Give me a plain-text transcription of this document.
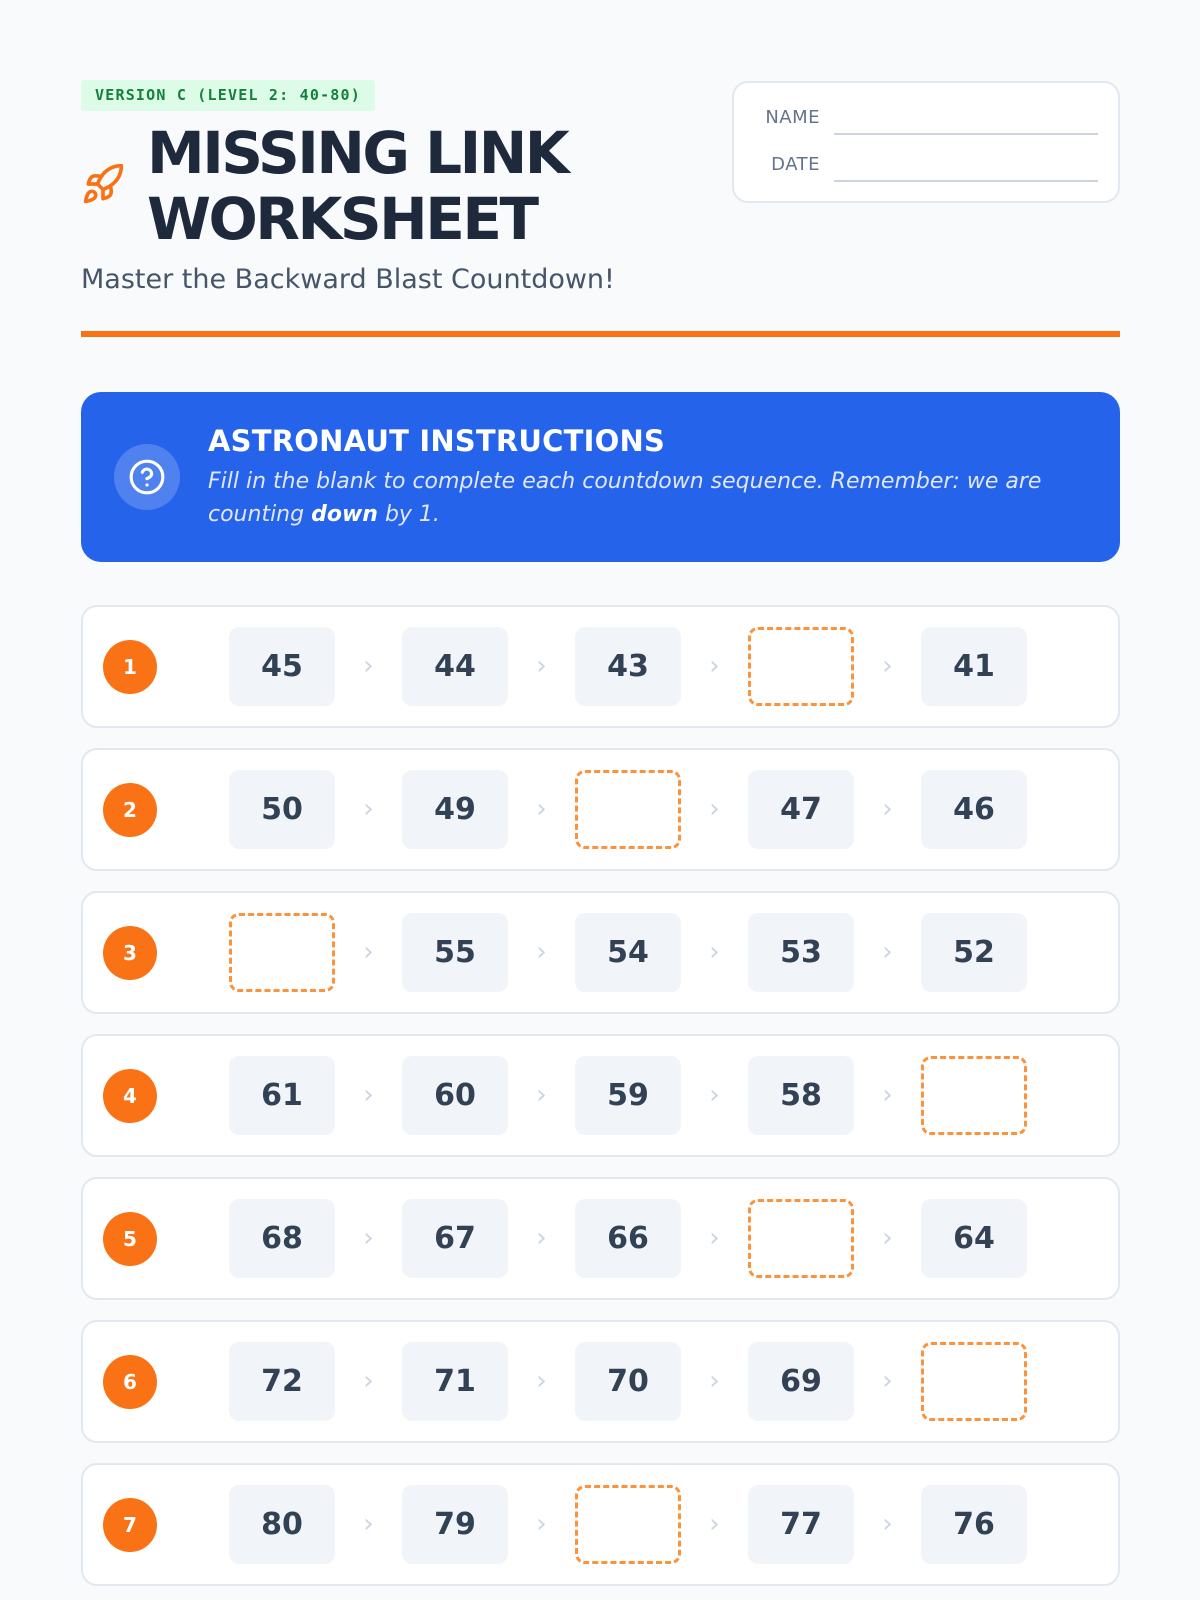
VERSION C (LEVEL 2: 40-80)
MISSING LINK
WORKSHEET

Master the Backward Blast Countdown!

NAME
DATE
ASTRONAUT INSTRUCTIONS

Fill in the blank to complete each countdown sequence. Remember: we are counting down by 1.

1	45	›	44	›	43	›	›	41
2	50	›	49	›	›	47	›	46
3	›	55	›	54	›	53	›	52
4	61	›	60	›	59	›	58	›
5	68	›	67	›	66	›	›	64
6	72	›	71	›	70	›	69	›
7	80	›	79	›	›	77	›	76
